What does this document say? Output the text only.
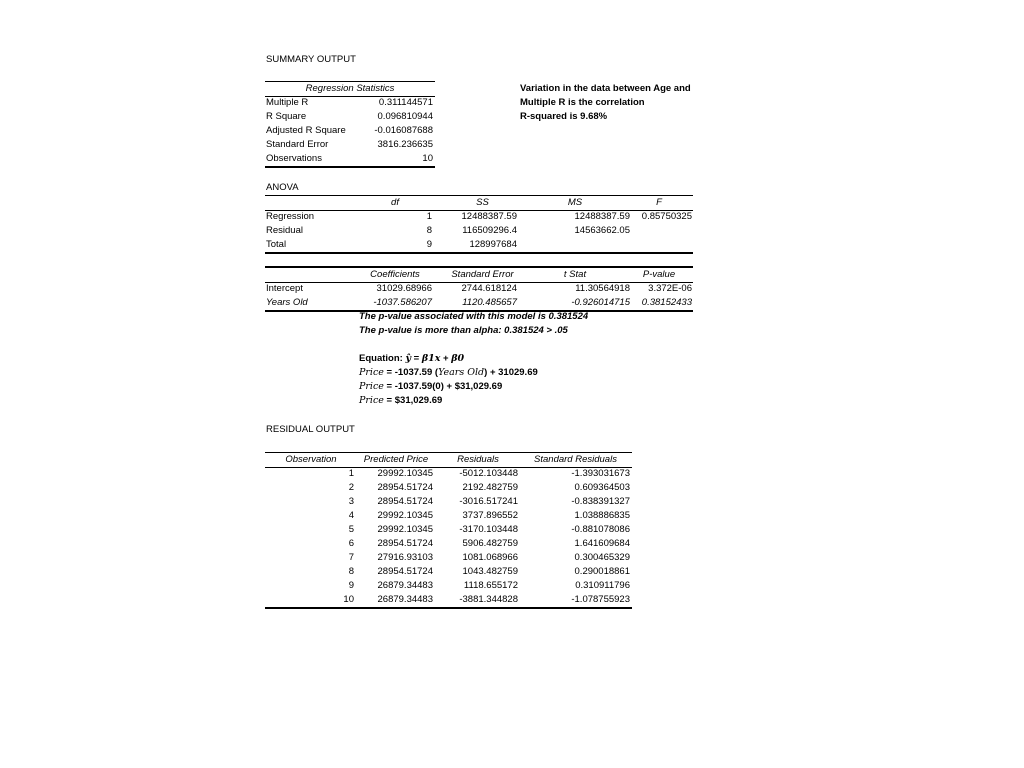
SUMMARY OUTPUT
Regression Statistics
Multiple R	0.311144571
R Square	0.096810944
Adjusted R Square	-0.016087688
Standard Error	3816.236635
Observations	10
Variation in the data between Age and
Multiple R is the correlation
R-squared is 9.68%
ANOVA
df	SS	MS	F
Regression	1	12488387.59	12488387.59 0.85750325
Residual	8	116509296.4	14563662.05
Total	9	128997684
Coefficients	Standard Error	t Stat	P-value
Intercept	31029.68966	2744.618124	11.30564918 3.372E-06
Years Old	-1037.586207	1120.485657	-0.926014715 0.38152433
The p-value associated with this model is 0.381524
The p-value is more than alpha: 0.381524 > .05
Equation: ŷ = β1x + β0
Price = -1037.59 (Years Old) + 31029.69
Price = -1037.59(0) + $31,029.69
Price = $31,029.69
RESIDUAL OUTPUT
Observation	Predicted Price	Residuals	Standard Residuals
1 29992.10345	-5012.103448	-1.393031673
2 28954.51724	2192.482759	0.609364503
3 28954.51724	-3016.517241	-0.838391327
4 29992.10345	3737.896552	1.038886835
5 29992.10345	-3170.103448	-0.881078086
6 28954.51724	5906.482759	1.641609684
7 27916.93103	1081.068966	0.300465329
8 28954.51724	1043.482759	0.290018861
9 26879.34483	1118.655172	0.310911796
10 26879.34483	-3881.344828	-1.078755923
